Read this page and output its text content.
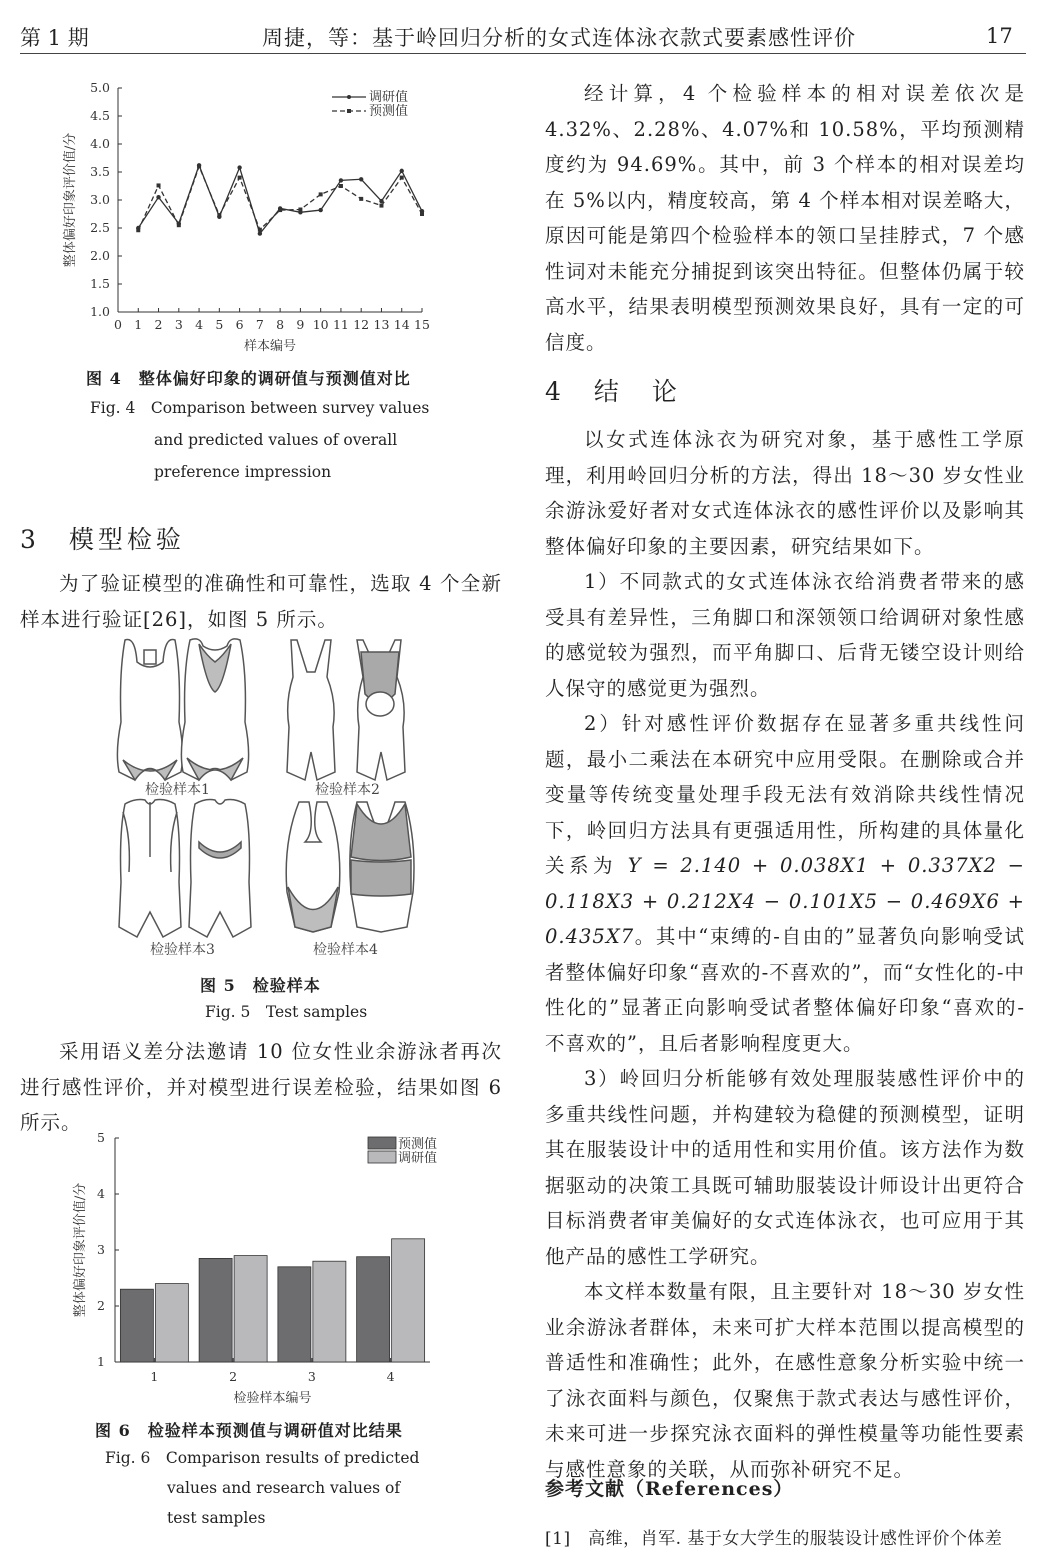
第 1 期	周捷，等：基于岭回归分析的女式连体泳衣款式要素感性评价	17
1.0
1.5
2.0
2.5
3.0
3.5
4.0
4.5
5.0
0 1 2 3 4 5 6 7 8 9 10 11 12 13 14 15
样本编号
整体偏好印象评价值/分
调研值
预测值
图 4　整体偏好印象的调研值与预测值对比
Fig. 4　Comparison between survey values
and predicted values of overall
preference impression
3　模型检验

为了验证模型的准确性和可靠性，选取 4 个全新样本进行验证[26]，如图 5 所示。

检验样本1	检验样本2
检验样本3	检验样本4
图 5　检验样本
Fig. 5　Test samples

采用语义差分法邀请 10 位女性业余游泳者再次进行感性评价，并对模型进行误差检验，结果如图 6 所示。

1
2
3
4
5
1	2	3	4
检验样本编号
整体偏好印象评价值/分
预测值
调研值
图 6　检验样本预测值与调研值对比结果
Fig. 6　Comparison results of predicted
values and research values of
test samples

经计算，4 个检验样本的相对误差依次是 4.32%、2.28%、4.07%和 10.58%，平均预测精度约为 94.69%。其中，前 3 个样本的相对误差均在 5%以内，精度较高，第 4 个样本相对误差略大，原因可能是第四个检验样本的领口呈挂脖式，7 个感性词对未能充分捕捉到该突出特征。但整体仍属于较高水平，结果表明模型预测效果良好，具有一定的可信度。

4　结　论

以女式连体泳衣为研究对象，基于感性工学原理，利用岭回归分析的方法，得出 18～30 岁女性业余游泳爱好者对女式连体泳衣的感性评价以及影响其整体偏好印象的主要因素，研究结果如下。

1）不同款式的女式连体泳衣给消费者带来的感受具有差异性，三角脚口和深领领口给调研对象性感的感觉较为强烈，而平角脚口、后背无镂空设计则给人保守的感觉更为强烈。

2）针对感性评价数据存在显著多重共线性问题，最小二乘法在本研究中应用受限。在删除或合并变量等传统变量处理手段无法有效消除共线性情况下，岭回归方法具有更强适用性，所构建的具体量化关系为 Y = 2.140 + 0.038X1 + 0.337X2 − 0.118X3 + 0.212X4 − 0.101X5 − 0.469X6 + 0.435X7。其中“束缚的-自由的”显著负向影响受试者整体偏好印象“喜欢的-不喜欢的”，而“女性化的-中性化的”显著正向影响受试者整体偏好印象“喜欢的-不喜欢的”，且后者影响程度更大。

3）岭回归分析能够有效处理服装感性评价中的多重共线性问题，并构建较为稳健的预测模型，证明其在服装设计中的适用性和实用价值。该方法作为数据驱动的决策工具既可辅助服装设计师设计出更符合目标消费者审美偏好的女式连体泳衣，也可应用于其他产品的感性工学研究。

本文样本数量有限，且主要针对 18～30 岁女性业余游泳者群体，未来可扩大样本范围以提高模型的普适性和准确性；此外，在感性意象分析实验中统一了泳衣面料与颜色，仅聚焦于款式表达与感性评价，未来可进一步探究泳衣面料的弹性模量等功能性要素与感性意象的关联，从而弥补研究不足。

参考文献（References）
[1]　高维，肖军. 基于女大学生的服装设计感性评价个体差
